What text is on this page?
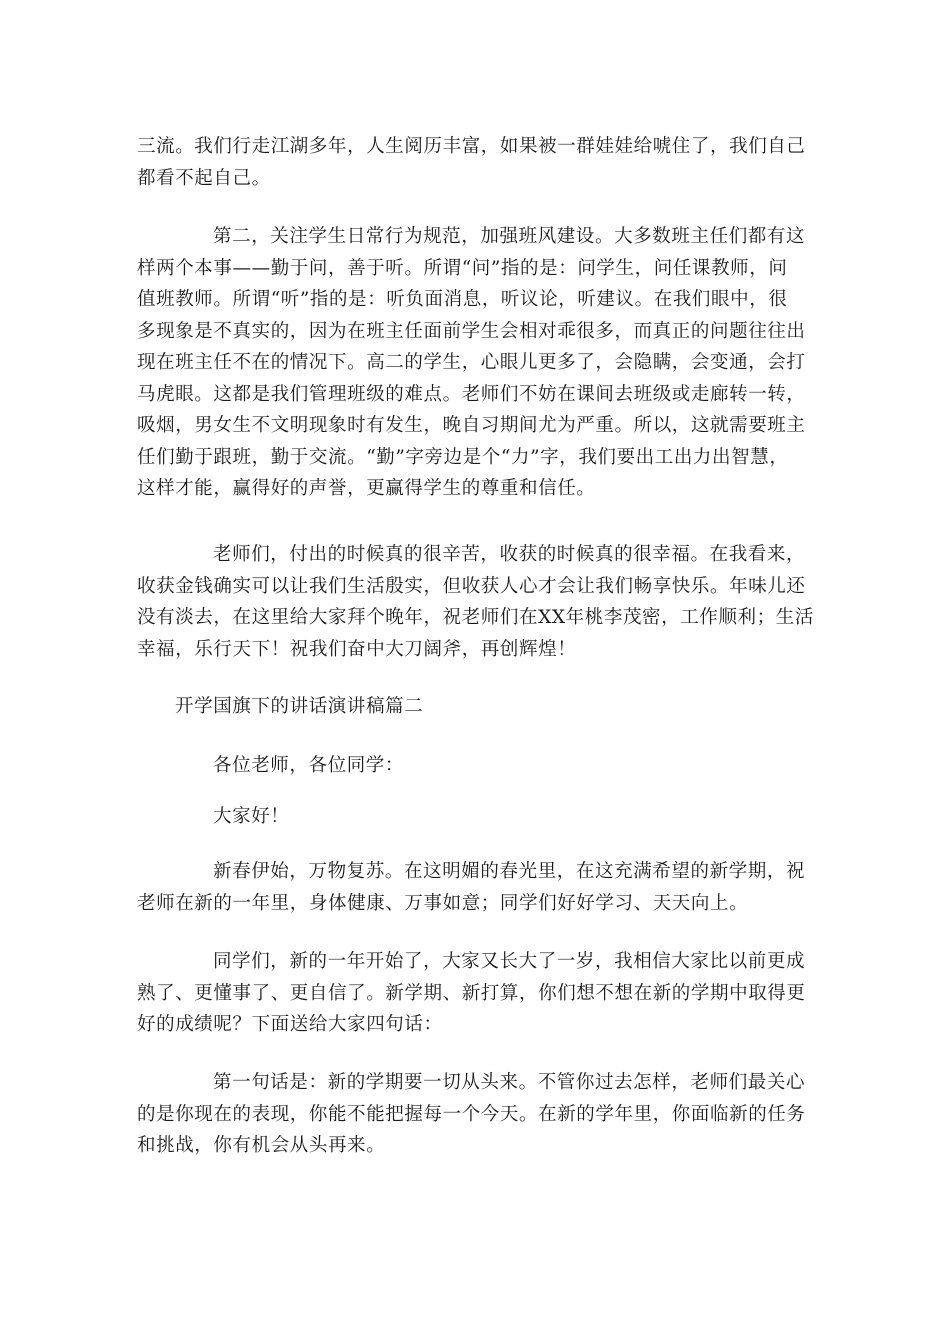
三流。我们行走江湖多年，人生阅历丰富，如果被一群娃娃给唬住了，我们自己
都看不起自己。

第二，关注学生日常行为规范，加强班风建设。大多数班主任们都有这
样两个本事——勤于问，善于听。所谓“问”指的是：问学生，问任课教师，问
值班教师。所谓“听”指的是：听负面消息，听议论，听建议。在我们眼中，很
多现象是不真实的，因为在班主任面前学生会相对乖很多，而真正的问题往往出
现在班主任不在的情况下。高二的学生，心眼儿更多了，会隐瞒，会变通，会打
马虎眼。这都是我们管理班级的难点。老师们不妨在课间去班级或走廊转一转，
吸烟，男女生不文明现象时有发生，晚自习期间尤为严重。所以，这就需要班主
任们勤于跟班，勤于交流。“勤”字旁边是个“力”字，我们要出工出力出智慧，
这样才能，赢得好的声誉，更赢得学生的尊重和信任。

老师们，付出的时候真的很辛苦，收获的时候真的很幸福。在我看来，
收获金钱确实可以让我们生活殷实，但收获人心才会让我们畅享快乐。年味儿还
没有淡去，在这里给大家拜个晚年，祝老师们在XX年桃李茂密，工作顺利；生活
幸福，乐行天下！祝我们奋中大刀阔斧，再创辉煌！

开学国旗下的讲话演讲稿篇二

各位老师，各位同学：

大家好！

新春伊始，万物复苏。在这明媚的春光里，在这充满希望的新学期，祝
老师在新的一年里，身体健康、万事如意；同学们好好学习、天天向上。

同学们，新的一年开始了，大家又长大了一岁，我相信大家比以前更成
熟了、更懂事了、更自信了。新学期、新打算，你们想不想在新的学期中取得更
好的成绩呢？下面送给大家四句话：

第一句话是：新的学期要一切从头来。不管你过去怎样，老师们最关心
的是你现在的表现，你能不能把握每一个今天。在新的学年里，你面临新的任务
和挑战，你有机会从头再来。
